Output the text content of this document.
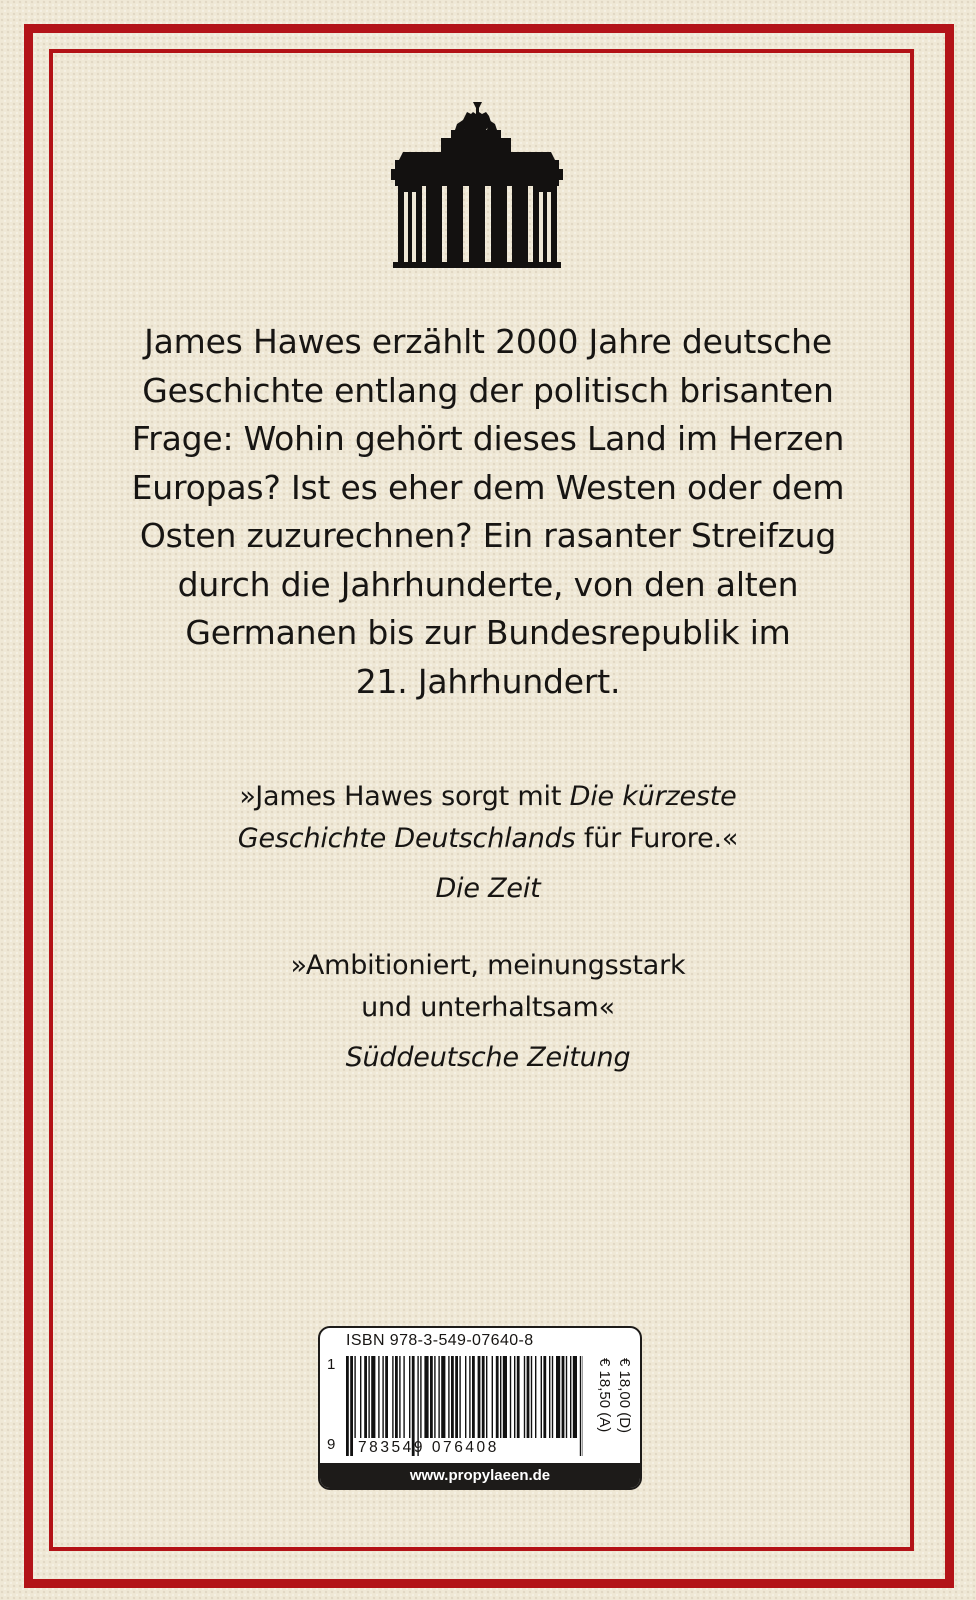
James Hawes erzählt 2000 Jahre deutsche
Geschichte entlang der politisch brisanten
Frage: Wohin gehört dieses Land im Herzen
Europas? Ist es eher dem Westen oder dem
Osten zuzurechnen? Ein rasanter Streifzug
durch die Jahrhunderte, von den alten
Germanen bis zur Bundesrepublik im
21. Jahrhundert.
»James Hawes sorgt mit Die kürzeste
Geschichte Deutschlands für Furore.«
Die Zeit
»Ambitioniert, meinungsstark
und unterhaltsam«
Süddeutsche Zeitung
ISBN 978-3-549-07640-8
1
9 783549 076408
€ 18,00 (D)
€ 18,50 (A)
www.propylaeen.de
